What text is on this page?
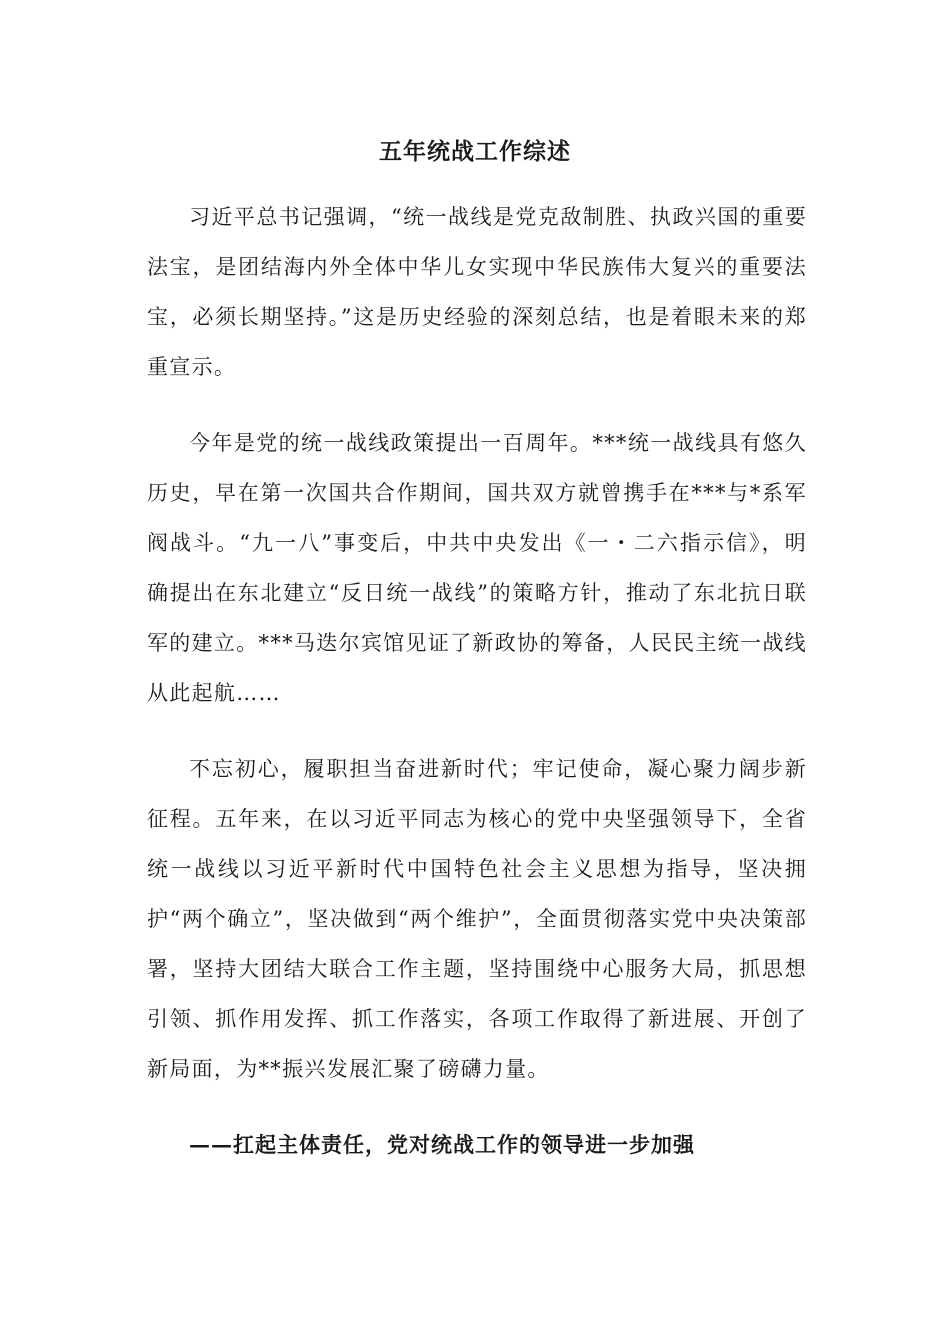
五年统战工作综述

习近平总书记强调，“统一战线是党克敌制胜、执政兴国的重要法宝，是团结海内外全体中华儿女实现中华民族伟大复兴的重要法宝，必须长期坚持。”这是历史经验的深刻总结，也是着眼未来的郑重宣示。

今年是党的统一战线政策提出一百周年。***统一战线具有悠久历史，早在第一次国共合作期间，国共双方就曾携手在***与*系军阀战斗。“九一八”事变后，中共中央发出《一・二六指示信》，明确提出在东北建立“反日统一战线”的策略方针，推动了东北抗日联军的建立。***马迭尔宾馆见证了新政协的筹备，人民民主统一战线从此起航……

不忘初心，履职担当奋进新时代；牢记使命，凝心聚力阔步新征程。五年来，在以习近平同志为核心的党中央坚强领导下，全省统一战线以习近平新时代中国特色社会主义思想为指导，坚决拥护“两个确立”，坚决做到“两个维护”，全面贯彻落实党中央决策部署，坚持大团结大联合工作主题，坚持围绕中心服务大局，抓思想引领、抓作用发挥、抓工作落实，各项工作取得了新进展、开创了新局面，为**振兴发展汇聚了磅礴力量。

——扛起主体责任，党对统战工作的领导进一步加强
